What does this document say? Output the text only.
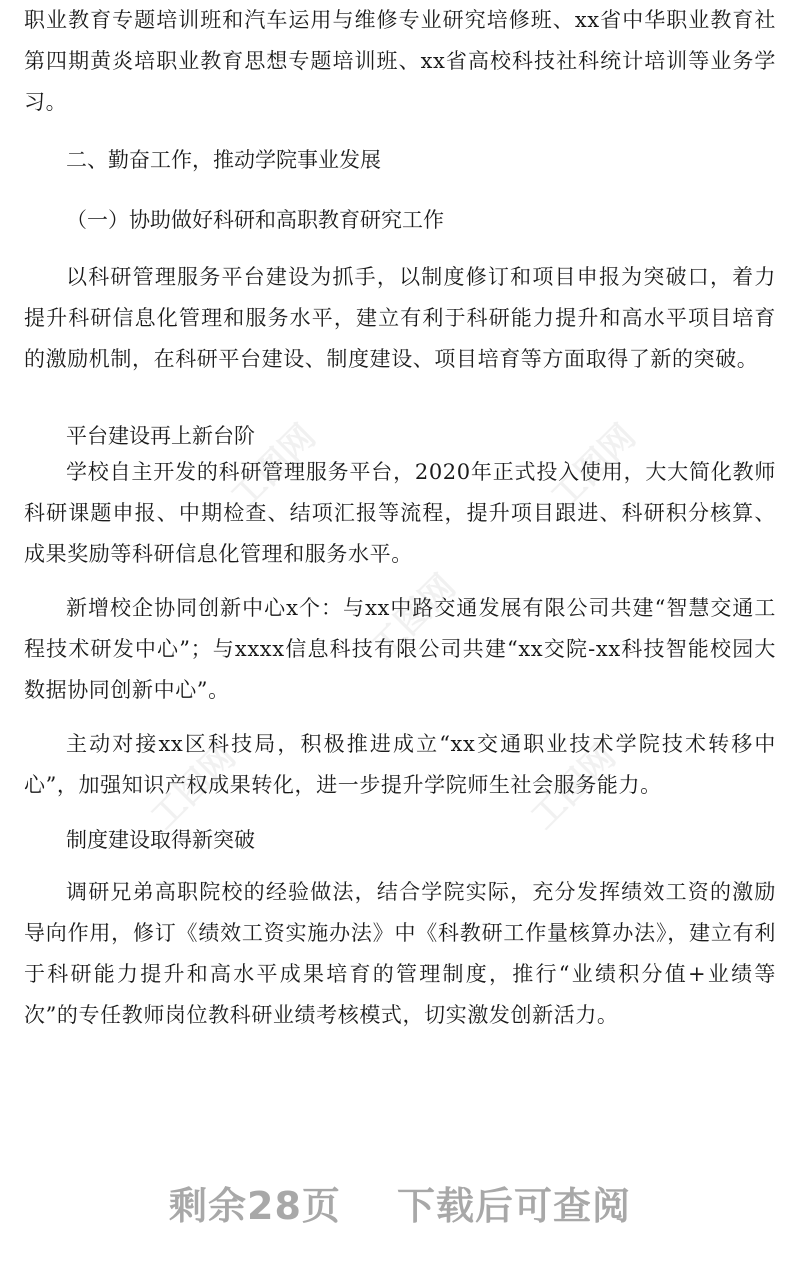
职业教育专题培训班和汽车运用与维修专业研究培修班、xx省中华职业教育社第四期黄炎培职业教育思想专题培训班、xx省高校科技社科统计培训等业务学习。

二、勤奋工作，推动学院事业发展

（一）协助做好科研和高职教育研究工作

以科研管理服务平台建设为抓手，以制度修订和项目申报为突破口，着力提升科研信息化管理和服务水平，建立有利于科研能力提升和高水平项目培育的激励机制，在科研平台建设、制度建设、项目培育等方面取得了新的突破。

平台建设再上新台阶

学校自主开发的科研管理服务平台，2020年正式投入使用，大大简化教师科研课题申报、中期检查、结项汇报等流程，提升项目跟进、科研积分核算、成果奖励等科研信息化管理和服务水平。

新增校企协同创新中心x个：与xx中路交通发展有限公司共建“智慧交通工程技术研发中心”；与xxxx信息科技有限公司共建“xx交院-xx科技智能校园大数据协同创新中心”。

主动对接xx区科技局，积极推进成立“xx交通职业技术学院技术转移中心”，加强知识产权成果转化，进一步提升学院师生社会服务能力。

制度建设取得新突破

调研兄弟高职院校的经验做法，结合学院实际，充分发挥绩效工资的激励导向作用，修订《绩效工资实施办法》中《科教研工作量核算办法》，建立有利于科研能力提升和高水平成果培育的管理制度，推行“业绩积分值+业绩等次”的专任教师岗位教科研业绩考核模式，切实激发创新活力。

工图网	工图网
工图网
工图网	工图网
剩余28页 下载后可查阅
